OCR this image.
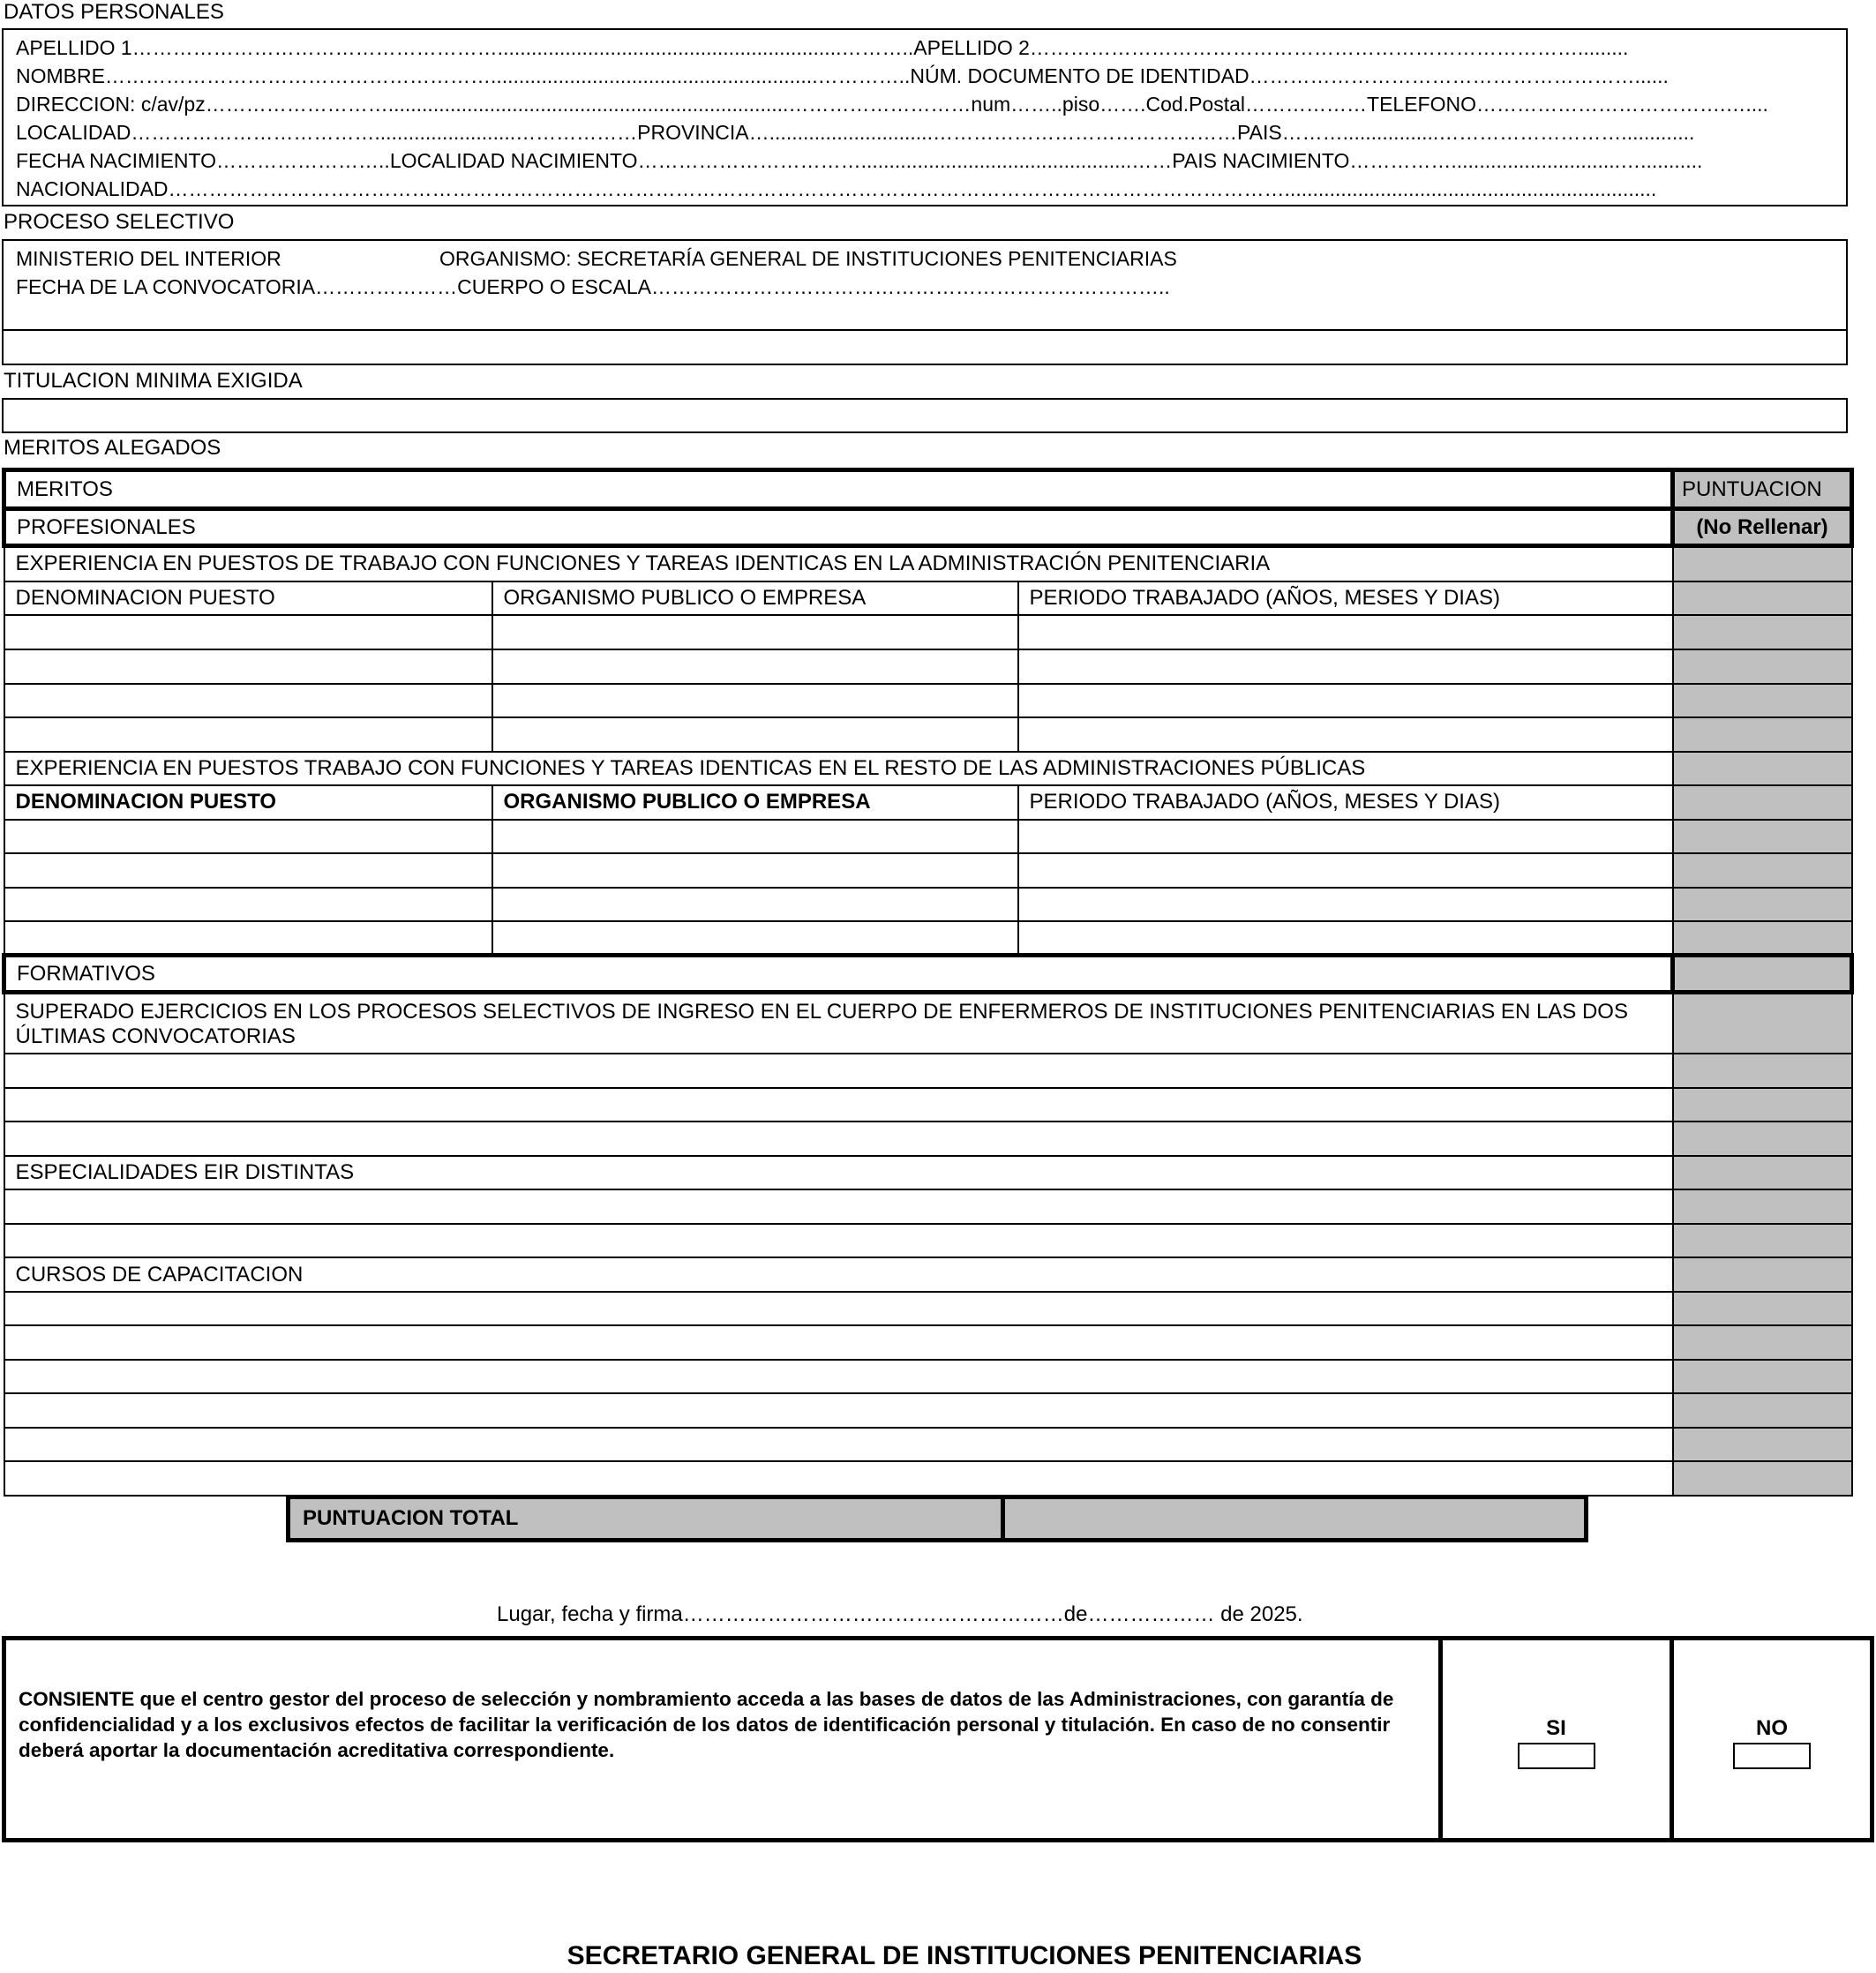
DATOS PERSONALES
APELLIDO 1……………………………………………….............................................................………..APELLIDO 2……………………………………………………………………….........
NOMBRE…………………………………………………..........................................................…………..NÚM. DOCUMENTO DE IDENTIDAD…………………………………………………......
DIRECCION: c/av/pz……………………….......................................................................………………………num……..piso…….Cod.Postal………………TELEFONO……………………………….…....
LOCALIDAD……………………………….........................………………PROVINCIA….............................………………………………………PAIS……….................……………………….............
FECHA NACIMIENTO……………………..LOCALIDAD NACIMIENTO……………………………................................................……PAIS NACIMIENTO……………..............................…...........
NACIONALIDAD…………………………………………………………………………………………………………………………………………………..................................................................
PROCESO SELECTIVO
MINISTERIO DEL INTERIOR	ORGANISMO: SECRETARÍA GENERAL DE INSTITUCIONES PENITENCIARIAS
FECHA DE LA CONVOCATORIA…………………CUERPO O ESCALA…………………………………………………………………..
TITULACION MINIMA EXIGIDA
MERITOS ALEGADOS
MERITOS			PUNTUACION
PROFESIONALES			(No Rellenar)
EXPERIENCIA EN PUESTOS DE TRABAJO CON FUNCIONES Y TAREAS IDENTICAS EN LA ADMINISTRACIÓN PENITENCIARIA			
DENOMINACION PUESTO	ORGANISMO PUBLICO O EMPRESA	PERIODO TRABAJADO (AÑOS, MESES Y DIAS)	

EXPERIENCIA EN PUESTOS TRABAJO CON FUNCIONES Y TAREAS IDENTICAS EN EL RESTO DE LAS ADMINISTRACIONES PÚBLICAS			
DENOMINACION PUESTO	ORGANISMO PUBLICO O EMPRESA	PERIODO TRABAJADO (AÑOS, MESES Y DIAS)	

FORMATIVOS			
SUPERADO EJERCICIOS EN LOS PROCESOS SELECTIVOS DE INGRESO EN EL CUERPO DE ENFERMEROS DE INSTITUCIONES PENITENCIARIAS EN LAS DOS ÚLTIMAS CONVOCATORIAS			

ESPECIALIDADES EIR DISTINTAS			

CURSOS DE CAPACITACION			

PUNTUACION TOTAL
Lugar, fecha y firma………………………………………………de……………… de 2025.
CONSIENTE que el centro gestor del proceso de selección y nombramiento acceda a las bases de datos de las Administraciones, con garantía de confidencialidad y a los exclusivos efectos de facilitar la verificación de los datos de identificación personal y titulación. En caso de no consentir deberá aportar la documentación acreditativa correspondiente.
SI	NO
SECRETARIO GENERAL DE INSTITUCIONES PENITENCIARIAS
